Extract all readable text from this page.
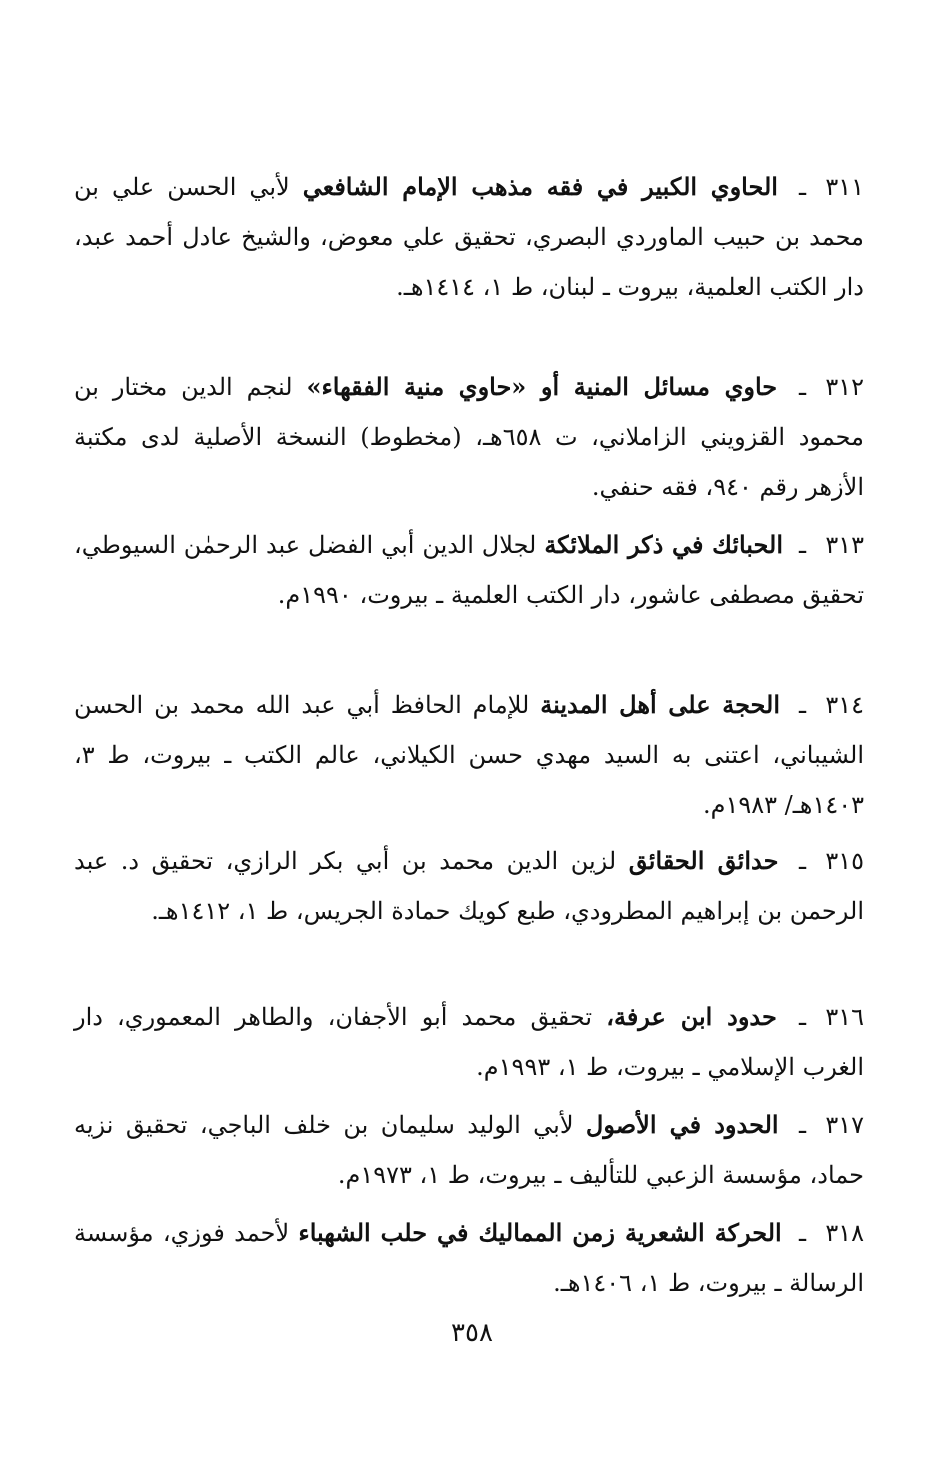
٣١١ـ الحاوي الكبير في فقه مذهب الإمام الشافعي لأبي الحسن علي بن محمد بن حبيب الماوردي البصري، تحقيق علي معوض، والشيخ عادل أحمد عبد، دار الكتب العلمية، بيروت ـ لبنان، ط ١، ١٤١٤هـ.
٣١٢ـ حاوي مسائل المنية أو «حاوي منية الفقهاء» لنجم الدين مختار بن محمود القزويني الزاملاني، ت ٦٥٨هـ، (مخطوط) النسخة الأصلية لدى مكتبة الأزهر رقم ٩٤٠، فقه حنفي.
٣١٣ـ الحبائك في ذكر الملائكة لجلال الدين أبي الفضل عبد الرحمٰن السيوطي، تحقيق مصطفى عاشور، دار الكتب العلمية ـ بيروت، ١٩٩٠م.
٣١٤ـ الحجة على أهل المدينة للإمام الحافظ أبي عبد الله محمد بن الحسن الشيباني، اعتنى به السيد مهدي حسن الكيلاني، عالم الكتب ـ بيروت، ط ٣، ١٤٠٣هـ/ ١٩٨٣م.
٣١٥ـ حدائق الحقائق لزين الدين محمد بن أبي بكر الرازي، تحقيق د. عبد الرحمن بن إبراهيم المطرودي، طبع كويك حمادة الجريس، ط ١، ١٤١٢هـ.
٣١٦ـ حدود ابن عرفة، تحقيق محمد أبو الأجفان، والطاهر المعموري، دار الغرب الإسلامي ـ بيروت، ط ١، ١٩٩٣م.
٣١٧ـ الحدود في الأصول لأبي الوليد سليمان بن خلف الباجي، تحقيق نزيه حماد، مؤسسة الزعبي للتأليف ـ بيروت، ط ١، ١٩٧٣م.
٣١٨ـ الحركة الشعرية زمن المماليك في حلب الشهباء لأحمد فوزي، مؤسسة الرسالة ـ بيروت، ط ١، ١٤٠٦هـ.
٣٥٨
